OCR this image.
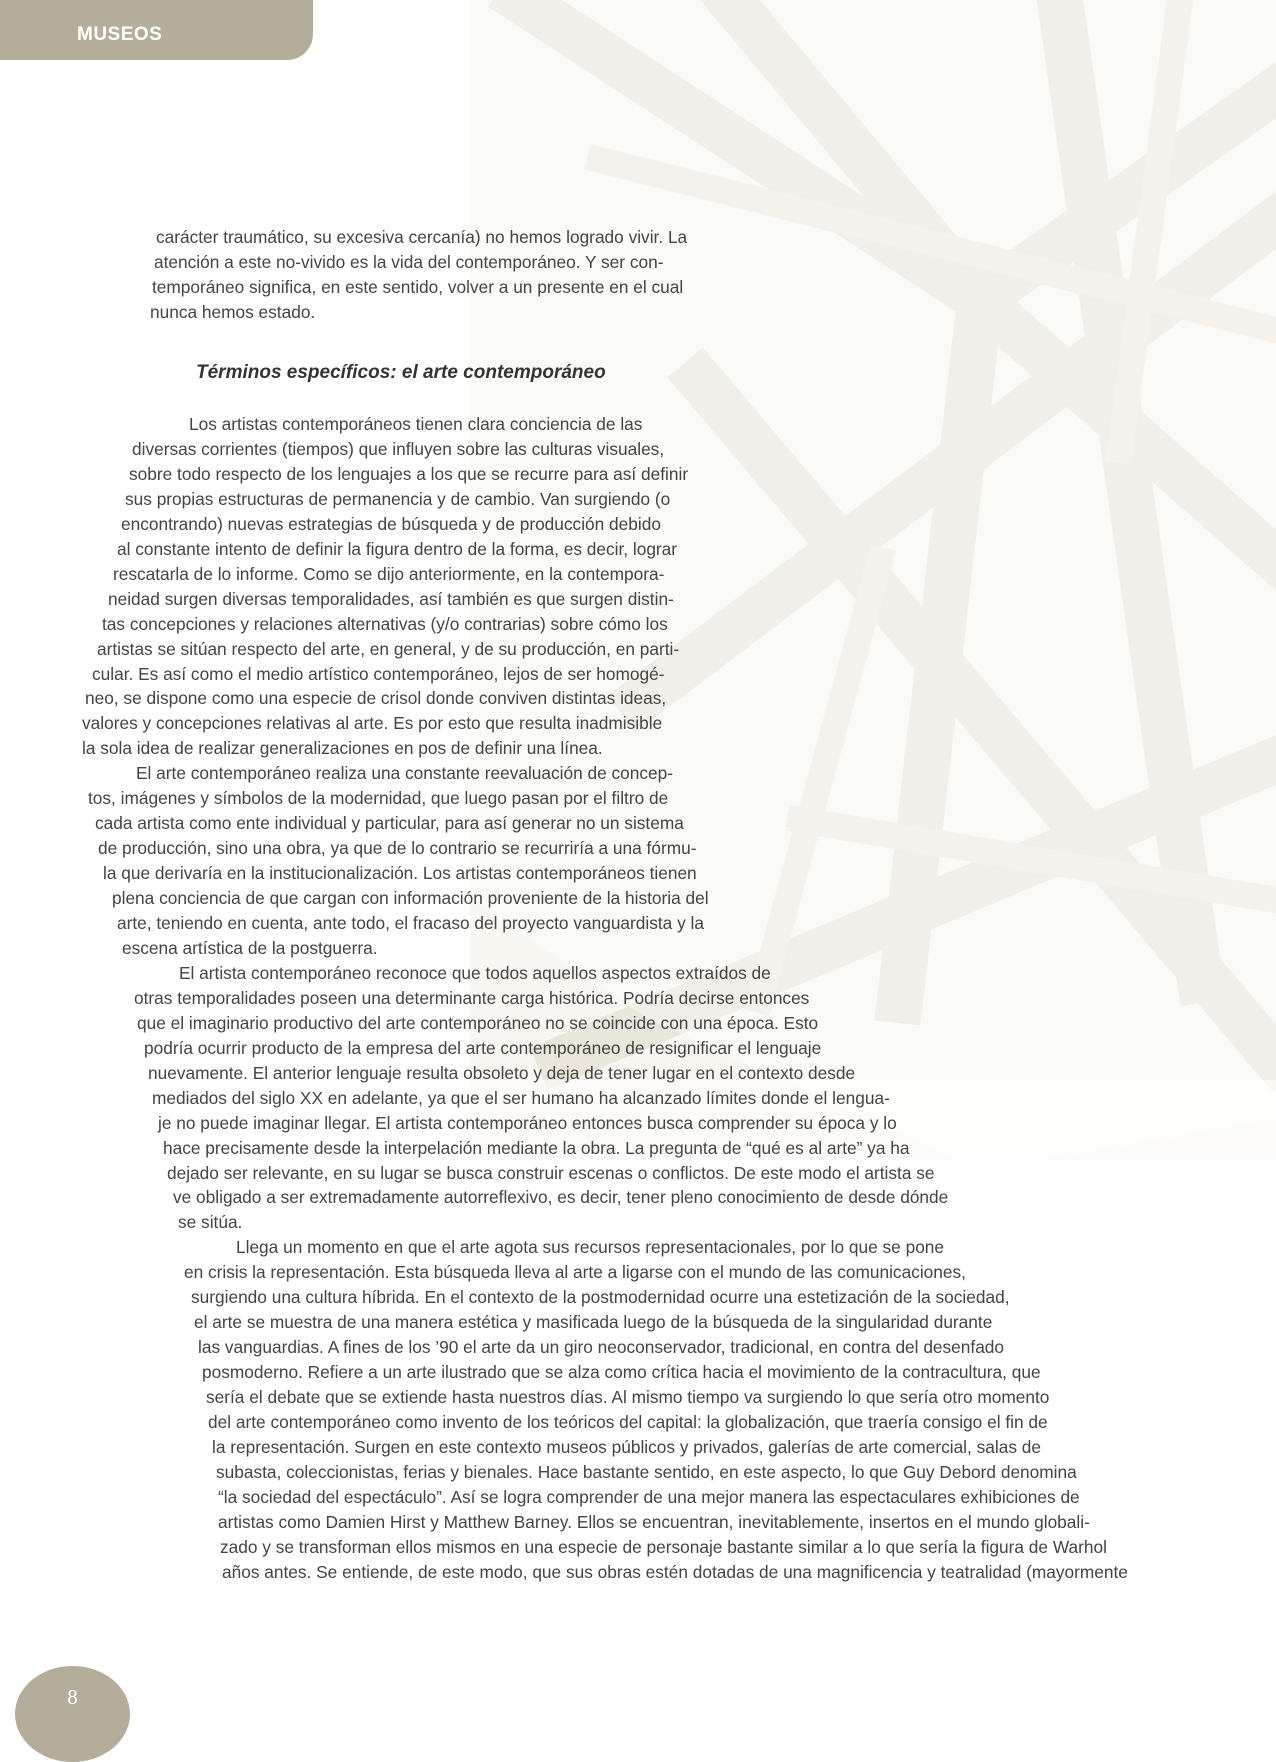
MUSEOS
carácter traumático, su excesiva cercanía) no hemos logrado vivir. La
atención a este no-vivido es la vida del contemporáneo. Y ser con-
temporáneo significa, en este sentido, volver a un presente en el cual
nunca hemos estado.
Términos específicos: el arte contemporáneo
Los artistas contemporáneos tienen clara conciencia de las
diversas corrientes (tiempos) que influyen sobre las culturas visuales,
sobre todo respecto de los lenguajes a los que se recurre para así definir
sus propias estructuras de permanencia y de cambio. Van surgiendo (o
encontrando) nuevas estrategias de búsqueda y de producción debido
al constante intento de definir la figura dentro de la forma, es decir, lograr
rescatarla de lo informe. Como se dijo anteriormente, en la contempora-
neidad surgen diversas temporalidades, así también es que surgen distin-
tas concepciones y relaciones alternativas (y/o contrarias) sobre cómo los
artistas se sitúan respecto del arte, en general, y de su producción, en parti-
cular. Es así como el medio artístico contemporáneo, lejos de ser homogé-
neo, se dispone como una especie de crisol donde conviven distintas ideas,
valores y concepciones relativas al arte. Es por esto que resulta inadmisible
la sola idea de realizar generalizaciones en pos de definir una línea.
El arte contemporáneo realiza una constante reevaluación de concep-
tos, imágenes y símbolos de la modernidad, que luego pasan por el filtro de
cada artista como ente individual y particular, para así generar no un sistema
de producción, sino una obra, ya que de lo contrario se recurriría a una fórmu-
la que derivaría en la institucionalización. Los artistas contemporáneos tienen
plena conciencia de que cargan con información proveniente de la historia del
arte, teniendo en cuenta, ante todo, el fracaso del proyecto vanguardista y la
escena artística de la postguerra.
El artista contemporáneo reconoce que todos aquellos aspectos extraídos de
otras temporalidades poseen una determinante carga histórica. Podría decirse entonces
que el imaginario productivo del arte contemporáneo no se coincide con una época. Esto
podría ocurrir producto de la empresa del arte contemporáneo de resignificar el lenguaje
nuevamente. El anterior lenguaje resulta obsoleto y deja de tener lugar en el contexto desde
mediados del siglo XX en adelante, ya que el ser humano ha alcanzado límites donde el lengua-
je no puede imaginar llegar. El artista contemporáneo entonces busca comprender su época y lo
hace precisamente desde la interpelación mediante la obra. La pregunta de “qué es al arte” ya ha
dejado ser relevante, en su lugar se busca construir escenas o conflictos. De este modo el artista se
ve obligado a ser extremadamente autorreflexivo, es decir, tener pleno conocimiento de desde dónde
se sitúa.
Llega un momento en que el arte agota sus recursos representacionales, por lo que se pone
en crisis la representación. Esta búsqueda lleva al arte a ligarse con el mundo de las comunicaciones,
surgiendo una cultura híbrida. En el contexto de la postmodernidad ocurre una estetización de la sociedad,
el arte se muestra de una manera estética y masificada luego de la búsqueda de la singularidad durante
las vanguardias. A fines de los ’90 el arte da un giro neoconservador, tradicional, en contra del desenfado
posmoderno. Refiere a un arte ilustrado que se alza como crítica hacia el movimiento de la contracultura, que
sería el debate que se extiende hasta nuestros días. Al mismo tiempo va surgiendo lo que sería otro momento
del arte contemporáneo como invento de los teóricos del capital: la globalización, que traería consigo el fin de
la representación. Surgen en este contexto museos públicos y privados, galerías de arte comercial, salas de
subasta, coleccionistas, ferias y bienales. Hace bastante sentido, en este aspecto, lo que Guy Debord denomina
“la sociedad del espectáculo”. Así se logra comprender de una mejor manera las espectaculares exhibiciones de
artistas como Damien Hirst y Matthew Barney. Ellos se encuentran, inevitablemente, insertos en el mundo globali-
zado y se transforman ellos mismos en una especie de personaje bastante similar a lo que sería la figura de Warhol
años antes. Se entiende, de este modo, que sus obras estén dotadas de una magnificencia y teatralidad (mayormente
8
